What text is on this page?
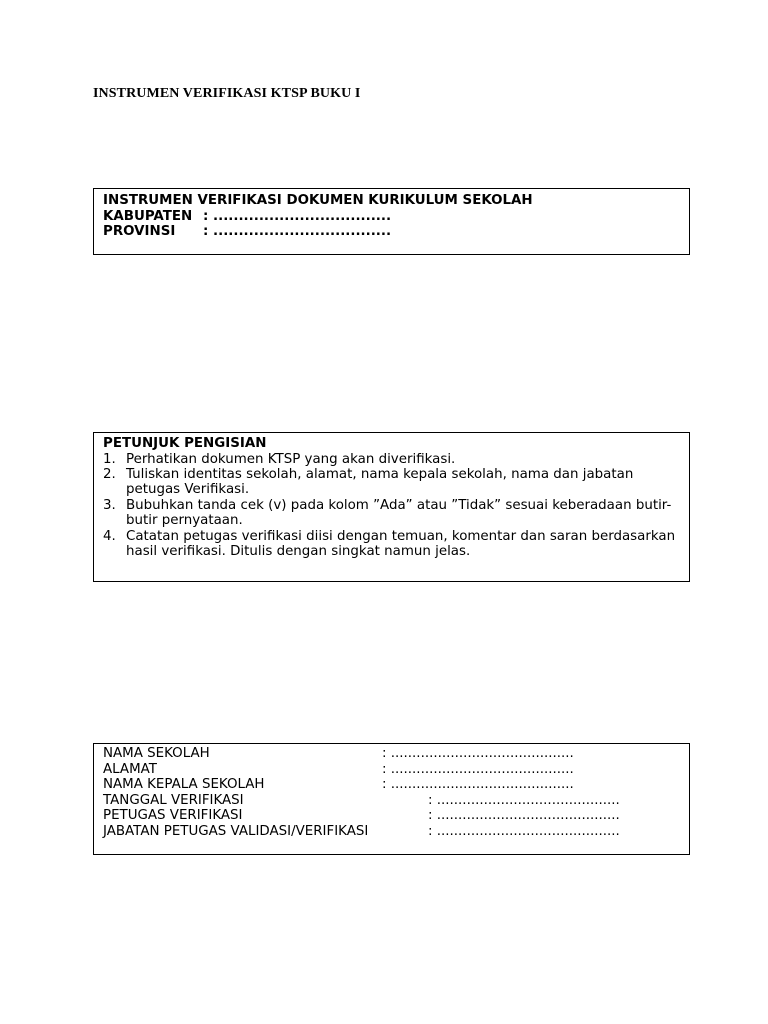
INSTRUMEN VERIFIKASI KTSP BUKU I
INSTRUMEN VERIFIKASI DOKUMEN KURIKULUM SEKOLAH
KABUPATEN :
...................................
PROVINSI	:
...................................
PETUNJUK PENGISIAN
1. Perhatikan dokumen KTSP yang akan diverifikasi.
2. Tuliskan identitas sekolah, alamat, nama kepala sekolah, nama dan jabatan petugas Verifikasi.
3. Bubuhkan tanda cek (v) pada kolom ”Ada” atau ”Tidak” sesuai keberadaan butir-butir pernyataan.
4. Catatan petugas verifikasi diisi dengan temuan, komentar dan saran berdasarkan hasil verifikasi. Ditulis dengan singkat namun jelas.
NAMA SEKOLAH	: ...........................................
ALAMAT	: ...........................................
NAMA KEPALA SEKOLAH	: ...........................................
TANGGAL VERIFIKASI	: ...........................................
PETUGAS VERIFIKASI	: ...........................................
JABATAN PETUGAS VALIDASI/VERIFIKASI	: ...........................................
